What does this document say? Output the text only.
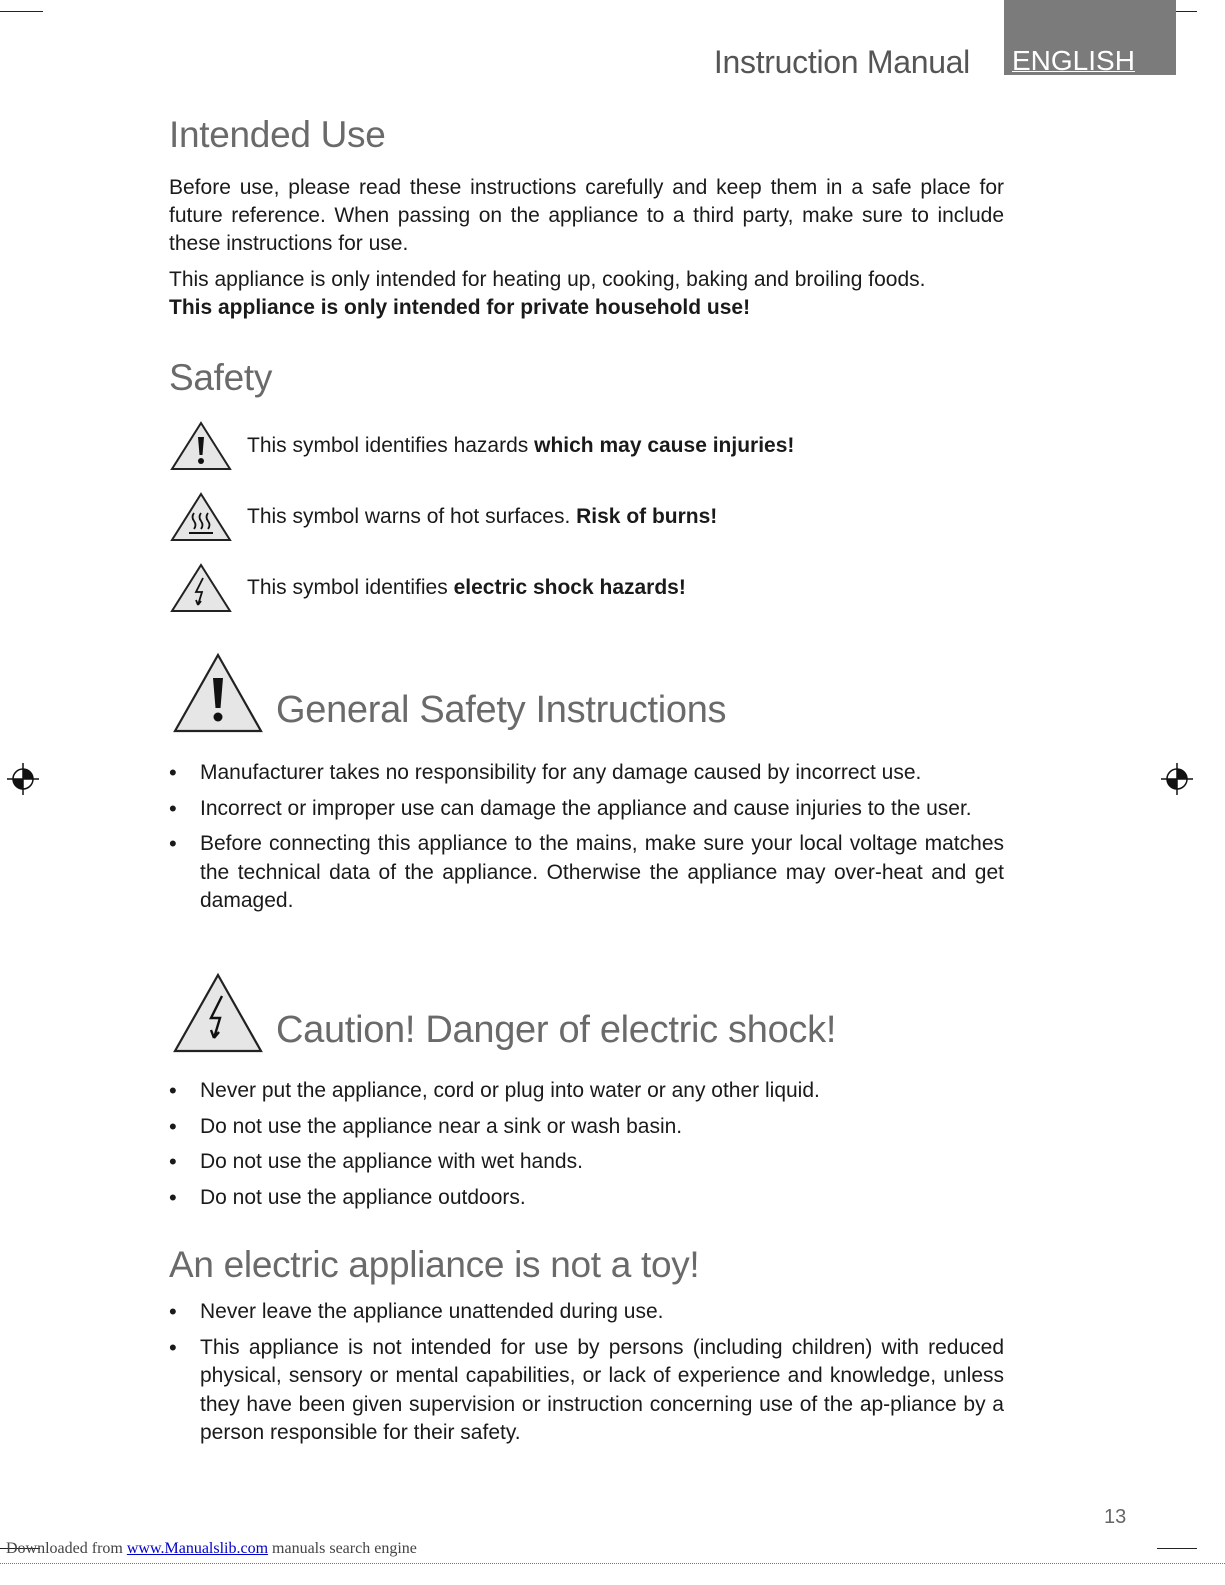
Instruction Manual ENGLISH
Intended Use

Before use, please read these instructions carefully and keep them in a safe place for future reference. When passing on the appliance to a third party, make sure to include these instructions for use.

This appliance is only intended for heating up, cooking, baking and broiling foods.

This appliance is only intended for private household use!

Safety
This symbol identifies hazards which may cause injuries!
This symbol warns of hot surfaces. Risk of burns!
This symbol identifies electric shock hazards!
General Safety Instructions
• Manufacturer takes no responsibility for any damage caused by incorrect use.
• Incorrect or improper use can damage the appliance and cause injuries to the user.
• Before connecting this appliance to the mains, make sure your local voltage matches the technical data of the appliance. Otherwise the appliance may over-heat and get damaged.
Caution! Danger of electric shock!
• Never put the appliance, cord or plug into water or any other liquid.
• Do not use the appliance near a sink or wash basin.
• Do not use the appliance with wet hands.
• Do not use the appliance outdoors.
An electric appliance is not a toy!
• Never leave the appliance unattended during use.
• This appliance is not intended for use by persons (including children) with reduced physical, sensory or mental capabilities, or lack of experience and knowledge, unless they have been given supervision or instruction concerning use of the ap-pliance by a person responsible for their safety.
13
Downloaded from www.Manualslib.com manuals search engine
